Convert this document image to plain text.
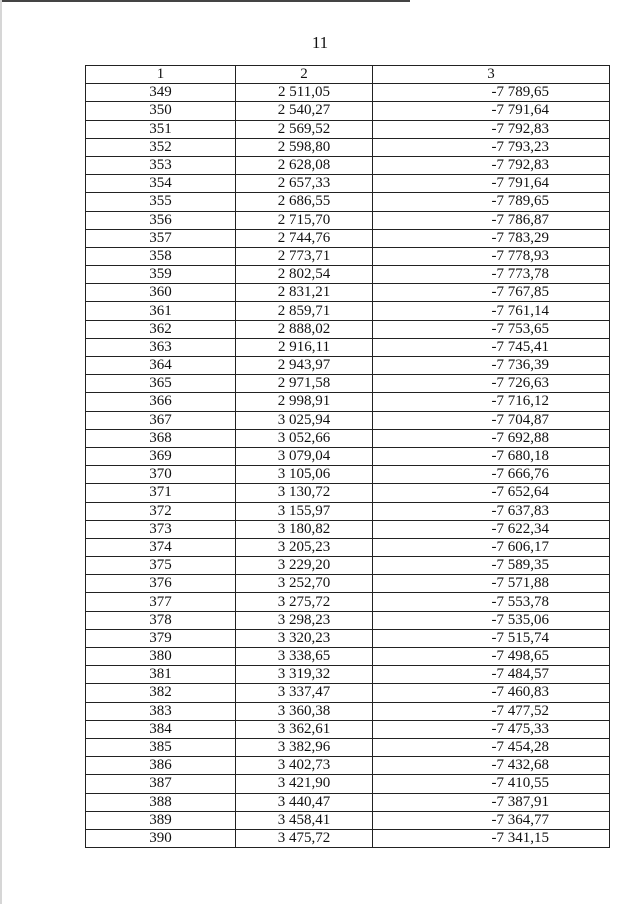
11
1	2	3
349	2 511,05	-7 789,65
350	2 540,27	-7 791,64
351	2 569,52	-7 792,83
352	2 598,80	-7 793,23
353	2 628,08	-7 792,83
354	2 657,33	-7 791,64
355	2 686,55	-7 789,65
356	2 715,70	-7 786,87
357	2 744,76	-7 783,29
358	2 773,71	-7 778,93
359	2 802,54	-7 773,78
360	2 831,21	-7 767,85
361	2 859,71	-7 761,14
362	2 888,02	-7 753,65
363	2 916,11	-7 745,41
364	2 943,97	-7 736,39
365	2 971,58	-7 726,63
366	2 998,91	-7 716,12
367	3 025,94	-7 704,87
368	3 052,66	-7 692,88
369	3 079,04	-7 680,18
370	3 105,06	-7 666,76
371	3 130,72	-7 652,64
372	3 155,97	-7 637,83
373	3 180,82	-7 622,34
374	3 205,23	-7 606,17
375	3 229,20	-7 589,35
376	3 252,70	-7 571,88
377	3 275,72	-7 553,78
378	3 298,23	-7 535,06
379	3 320,23	-7 515,74
380	3 338,65	-7 498,65
381	3 319,32	-7 484,57
382	3 337,47	-7 460,83
383	3 360,38	-7 477,52
384	3 362,61	-7 475,33
385	3 382,96	-7 454,28
386	3 402,73	-7 432,68
387	3 421,90	-7 410,55
388	3 440,47	-7 387,91
389	3 458,41	-7 364,77
390	3 475,72	-7 341,15
